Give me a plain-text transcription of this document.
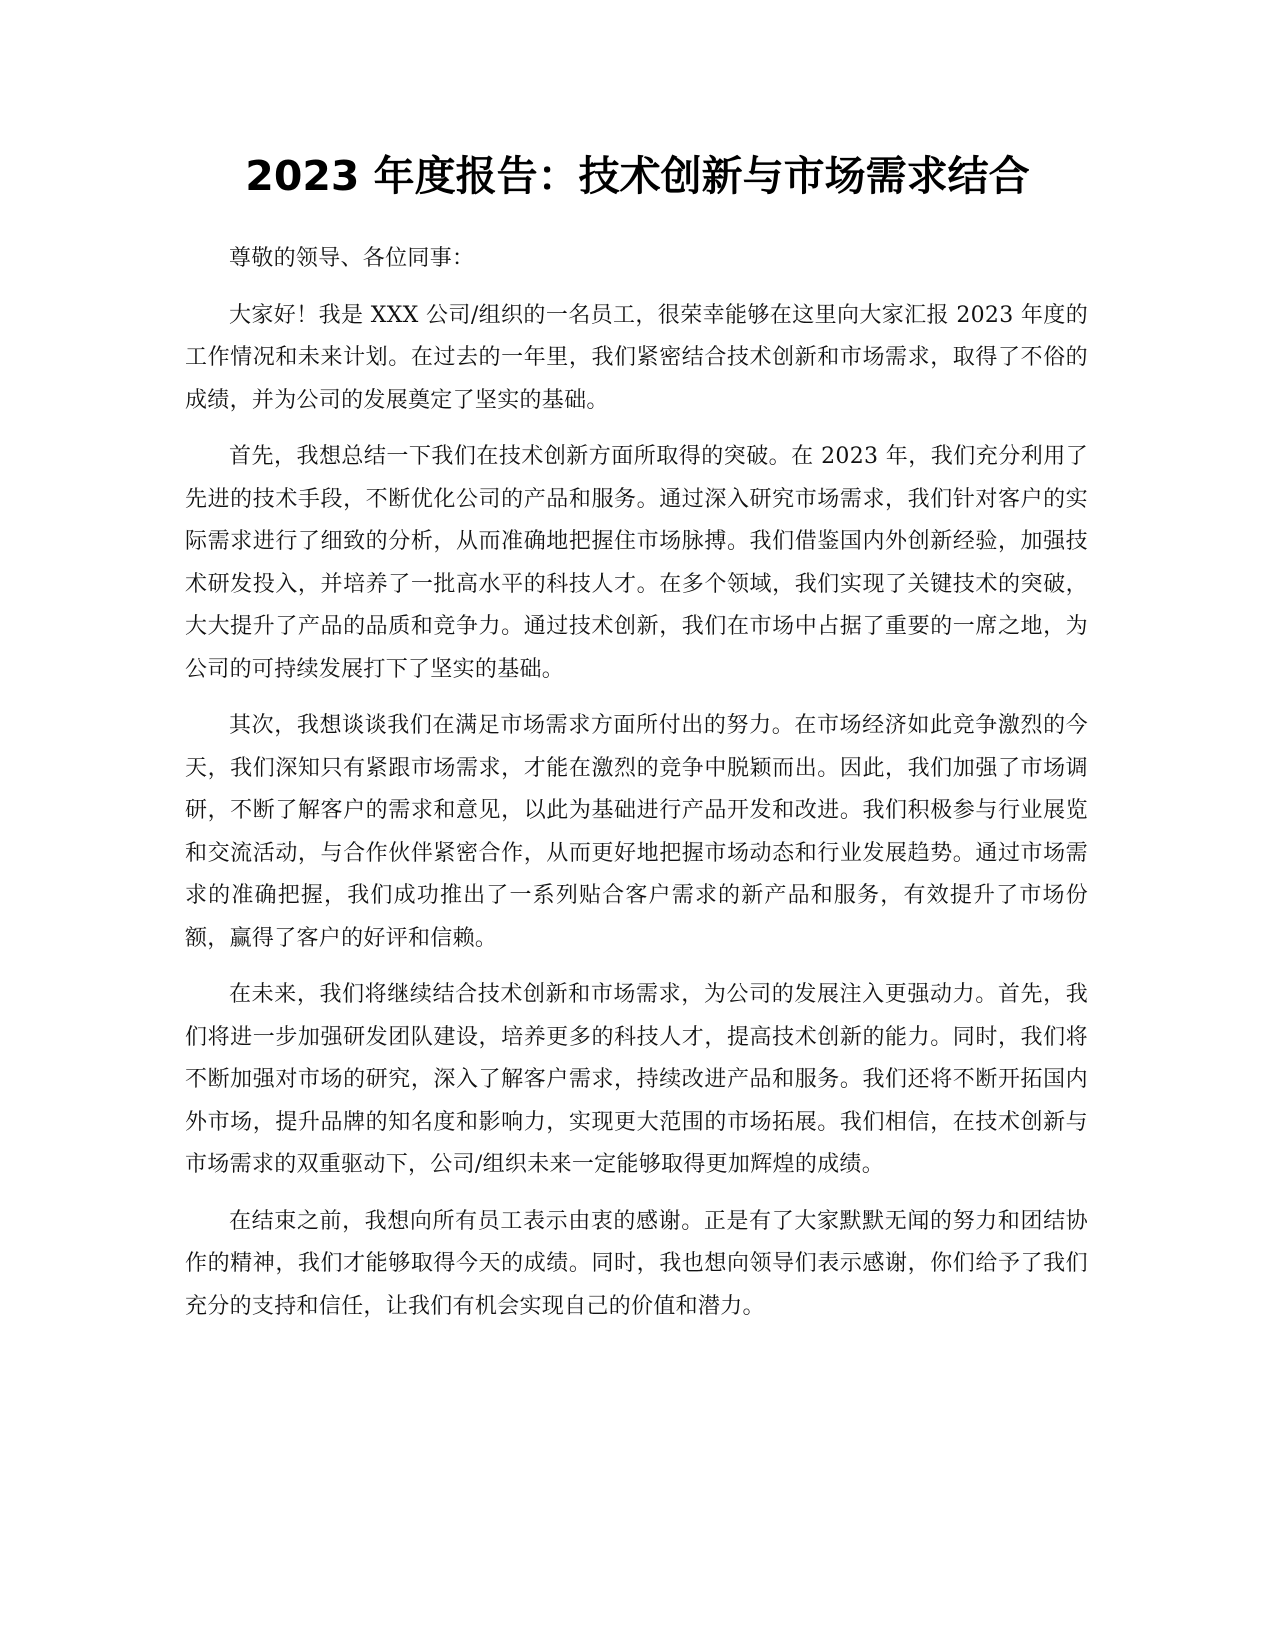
2023 年度报告：技术创新与市场需求结合

尊敬的领导、各位同事：

大家好！我是 XXX 公司/组织的一名员工，很荣幸能够在这里向大家汇报 2023 年度的工作情况和未来计划。在过去的一年里，我们紧密结合技术创新和市场需求，取得了不俗的成绩，并为公司的发展奠定了坚实的基础。

首先，我想总结一下我们在技术创新方面所取得的突破。在 2023 年，我们充分利用了先进的技术手段，不断优化公司的产品和服务。通过深入研究市场需求，我们针对客户的实际需求进行了细致的分析，从而准确地把握住市场脉搏。我们借鉴国内外创新经验，加强技术研发投入，并培养了一批高水平的科技人才。在多个领域，我们实现了关键技术的突破，大大提升了产品的品质和竞争力。通过技术创新，我们在市场中占据了重要的一席之地，为公司的可持续发展打下了坚实的基础。

其次，我想谈谈我们在满足市场需求方面所付出的努力。在市场经济如此竞争激烈的今天，我们深知只有紧跟市场需求，才能在激烈的竞争中脱颖而出。因此，我们加强了市场调研，不断了解客户的需求和意见，以此为基础进行产品开发和改进。我们积极参与行业展览和交流活动，与合作伙伴紧密合作，从而更好地把握市场动态和行业发展趋势。通过市场需求的准确把握，我们成功推出了一系列贴合客户需求的新产品和服务，有效提升了市场份额，赢得了客户的好评和信赖。

在未来，我们将继续结合技术创新和市场需求，为公司的发展注入更强动力。首先，我们将进一步加强研发团队建设，培养更多的科技人才，提高技术创新的能力。同时，我们将不断加强对市场的研究，深入了解客户需求，持续改进产品和服务。我们还将不断开拓国内外市场，提升品牌的知名度和影响力，实现更大范围的市场拓展。我们相信，在技术创新与市场需求的双重驱动下，公司/组织未来一定能够取得更加辉煌的成绩。

在结束之前，我想向所有员工表示由衷的感谢。正是有了大家默默无闻的努力和团结协作的精神，我们才能够取得今天的成绩。同时，我也想向领导们表示感谢，你们给予了我们充分的支持和信任，让我们有机会实现自己的价值和潜力。
